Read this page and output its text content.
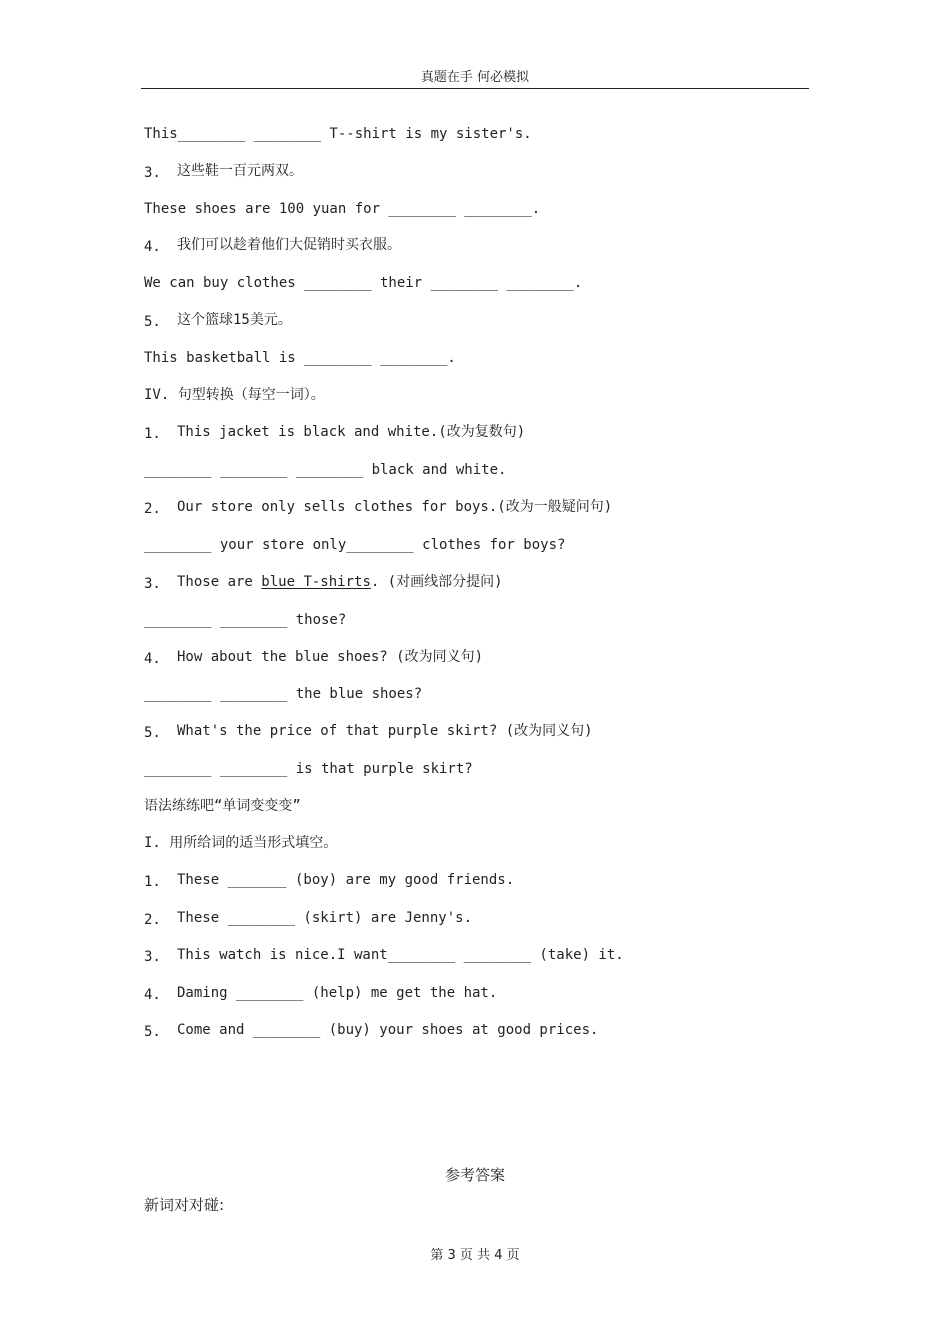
真题在手 何必模拟
This________ ________ T--shirt is my sister's.
3. 这些鞋一百元两双。
These shoes are 100 yuan for ________ ________.
4. 我们可以趁着他们大促销时买衣服。
We can buy clothes ________ their ________ ________.
5. 这个篮球15美元。
This basketball is ________ ________.
IV. 句型转换（每空一词）。
1. This jacket is black and white.(改为复数句)
________ ________ ________ black and white.
2. Our store only sells clothes for boys.(改为一般疑问句)
________ your store only________ clothes for boys?
3. Those are blue T-shirts. (对画线部分提问)
________ ________ those?
4. How about the blue shoes? (改为同义句)
________ ________ the blue shoes?
5. What's the price of that purple skirt? (改为同义句)
________ ________ is that purple skirt?
语法练练吧“单词变变变”
I. 用所给词的适当形式填空。
1. These _______ (boy) are my good friends.
2. These ________ (skirt) are Jenny's.
3. This watch is nice.I want________ ________ (take) it.
4. Daming ________ (help) me get the hat.
5. Come and ________ (buy) your shoes at good prices.
参考答案
新词对对碰:
第 3 页 共 4 页
